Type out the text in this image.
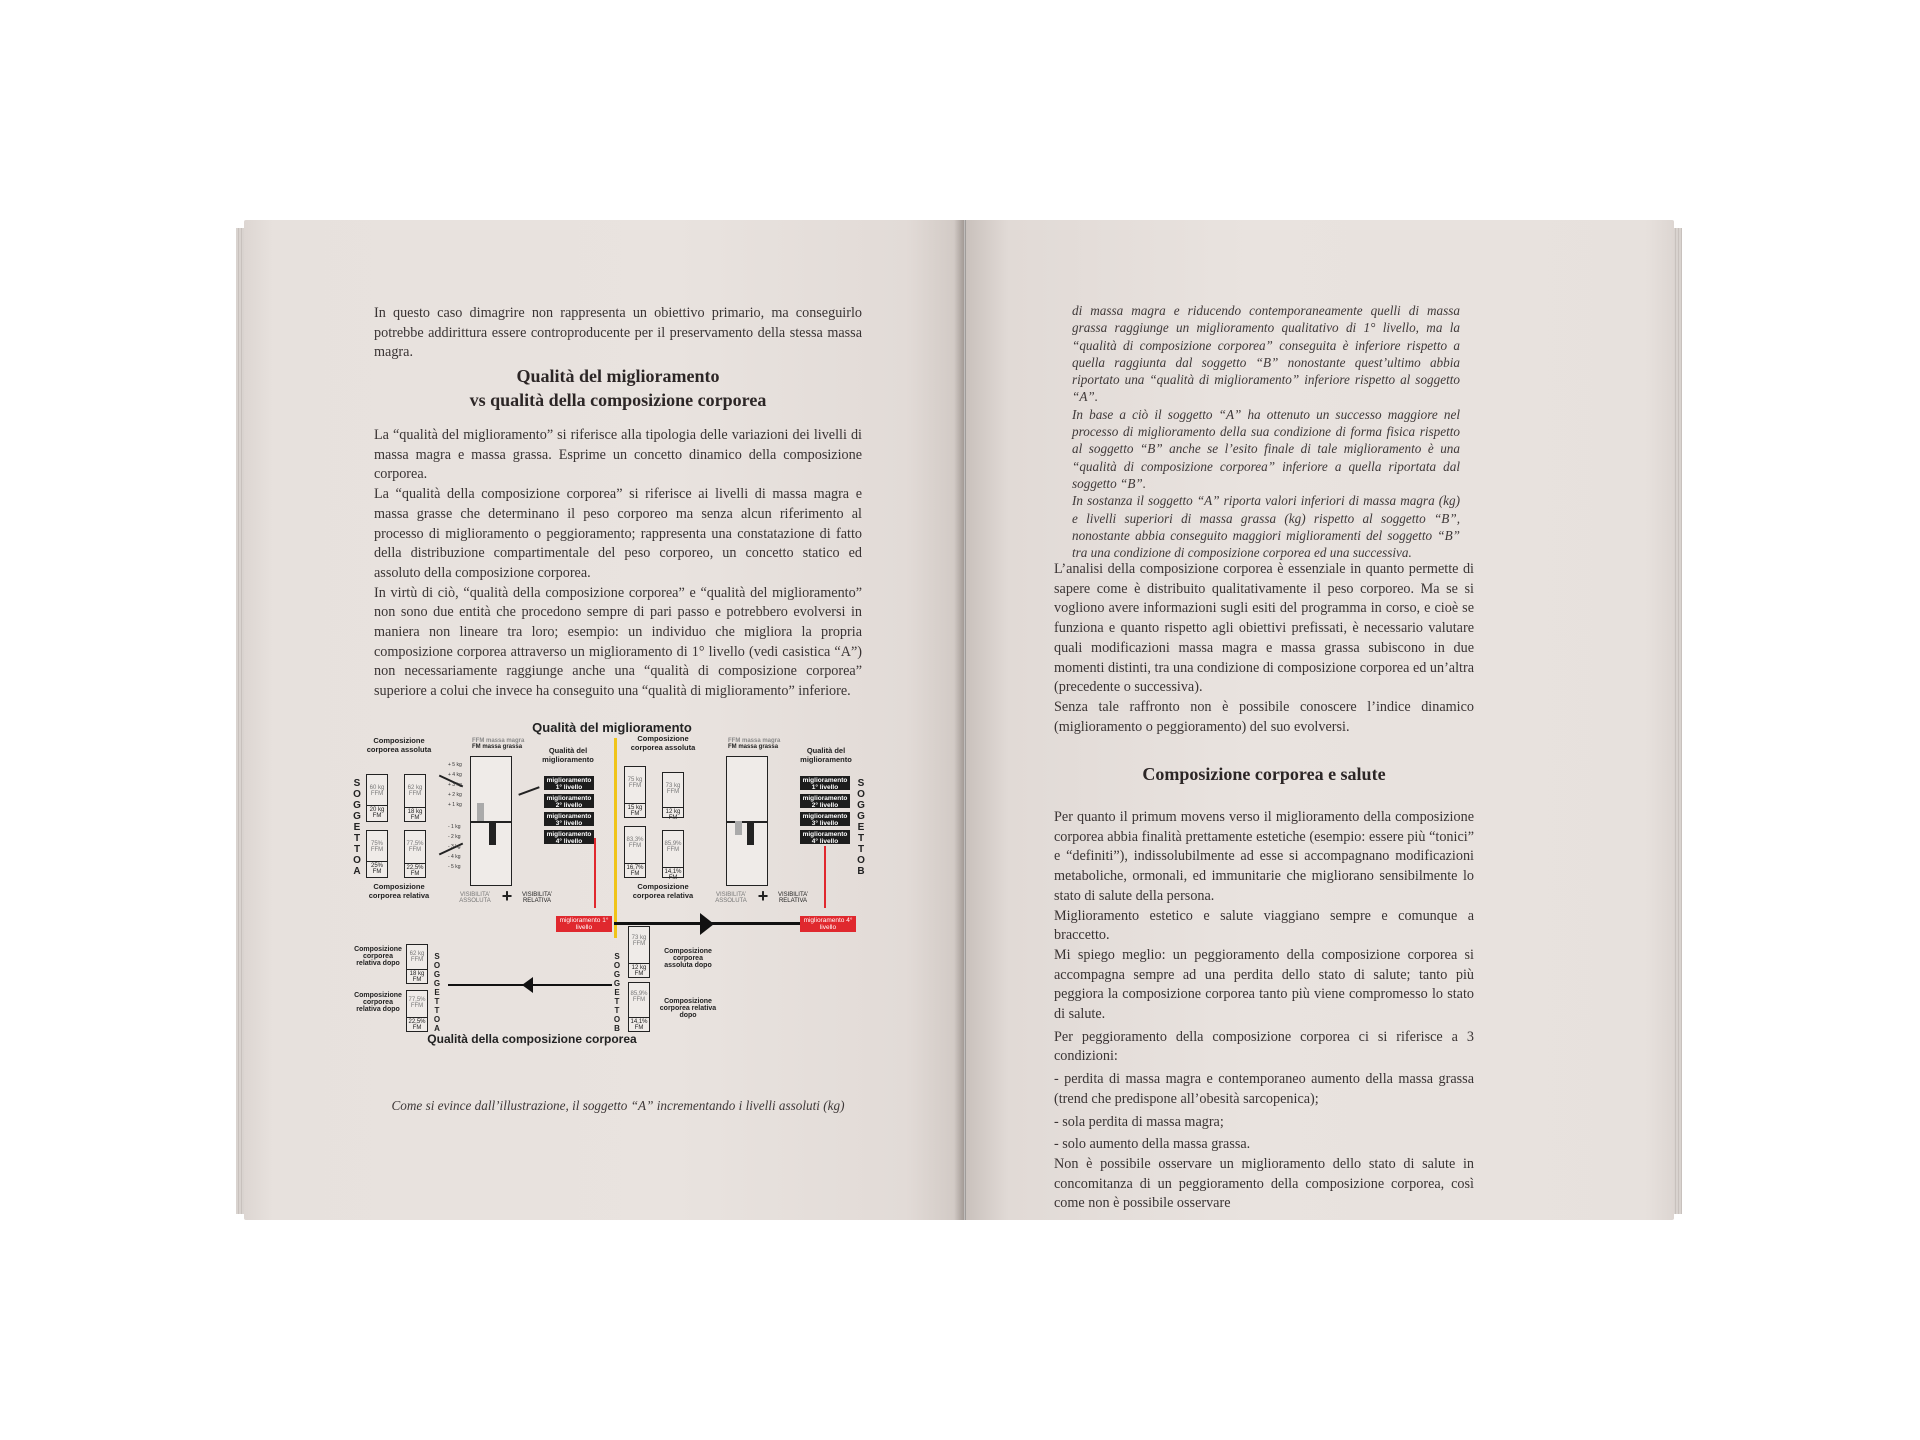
In questo caso dimagrire non rappresenta un obiettivo primario, ma conseguirlo potrebbe addirittura essere controproducente per il preservamento della stessa massa magra.

Qualità del miglioramento
vs qualità della composizione corporea

La “qualità del miglioramento” si riferisce alla tipologia delle variazioni dei livelli di massa magra e massa grassa. Esprime un concetto dinamico della composizione corporea.

La “qualità della composizione corporea” si riferisce ai livelli di massa magra e massa grasse che determinano il peso corporeo ma senza alcun riferimento al processo di miglioramento o peggioramento; rappresenta una constatazione di fatto della distribuzione compartimentale del peso corporeo, un concetto statico ed assoluto della composizione corporea.

In virtù di ciò, “qualità della composizione corporea” e “qualità del miglioramento” non sono due entità che procedono sempre di pari passo e potrebbero evolversi in maniera non lineare tra loro; esempio: un individuo che migliora la propria composizione corporea attraverso un miglioramento di 1° livello (vedi casistica “A”) non necessariamente raggiunge anche una “qualità di composizione corporea” superiore a colui che invece ha conseguito una “qualità di miglioramento” inferiore.

Qualità del miglioramento
Composizione corporea assoluta
S
O
G
G
E
T
T
O
A
60 kg FFM
20 kg FM
62 kg FFM
18 kg FM
75% FFM
25% FM
77,5% FFM
22,5% FM
Composizione corporea relativa
+ 5 kg
+ 4 kg
+ 3 kg
+ 2 kg
+ 1 kg
- 1 kg
- 2 kg
- 3 kg
- 4 kg
- 5 kg
FFM massa magra
FM massa grassa	Qualità del miglioramento
miglioramento 1° livello
miglioramento 2° livello
miglioramento 3° livello
miglioramento 4° livello
VISIBILITA’ ASSOLUTA +	VISIBILITA’ RELATIVA
miglioramento 1° livello
Composizione corporea assoluta
75 kg FFM
15 kg FM
73 kg FFM
12 kg FM
83,3% FFM
16,7% FM
85,9% FFM
14,1% FM
Composizione corporea relativa
FFM massa magra
FM massa grassa	Qualità del miglioramento
miglioramento 1° livello
miglioramento 2° livello
miglioramento 3° livello
miglioramento 4° livello
S
O
G
G
E
T
T
O
B
VISIBILITA’ ASSOLUTA +	VISIBILITA’ RELATIVA
miglioramento 4° livello
Composizione corporea relativa dopo
Composizione corporea relativa dopo
62 kg FFM
18 kg FM
77,5% FFM
22,5% FM
S
O
G
G
E
T
T
O
A
S
O
G
G
E
T
T
O
B
73 kg FFM
12 kg FM
85,9% FFM
14,1% FM
Composizione corporea assoluta dopo
Composizione corporea relativa dopo
Qualità della composizione corporea
Come si evince dall’illustrazione, il soggetto “A” incrementando i livelli assoluti (kg)

di massa magra e riducendo contemporaneamente quelli di massa grassa raggiunge un miglioramento qualitativo di 1° livello, ma la “qualità di composizione corporea” conseguita è inferiore rispetto a quella raggiunta dal soggetto “B” nonostante quest’ultimo abbia riportato una “qualità di miglioramento” inferiore rispetto al soggetto “A”.

In base a ciò il soggetto “A” ha ottenuto un successo maggiore nel processo di miglioramento della sua condizione di forma fisica rispetto al soggetto “B” anche se l’esito finale di tale miglioramento è una “qualità di composizione corporea” inferiore a quella riportata dal soggetto “B”.

In sostanza il soggetto “A” riporta valori inferiori di massa magra (kg) e livelli superiori di massa grassa (kg) rispetto al soggetto “B”, nonostante abbia conseguito maggiori miglioramenti del soggetto “B” tra una condizione di composizione corporea ed una successiva.

L’analisi della composizione corporea è essenziale in quanto permette di sapere come è distribuito qualitativamente il peso corporeo. Ma se si vogliono avere informazioni sugli esiti del programma in corso, e cioè se funziona e quanto rispetto agli obiettivi prefissati, è necessario valutare quali modificazioni massa magra e massa grassa subiscono in due momenti distinti, tra una condizione di composizione corporea ed un’altra (precedente o successiva).

Senza tale raffronto non è possibile conoscere l’indice dinamico (miglioramento o peggioramento) del suo evolversi.

Composizione corporea e salute

Per quanto il primum movens verso il miglioramento della composizione corporea abbia finalità prettamente estetiche (esempio: essere più “tonici” e “definiti”), indissolubilmente ad esse si accompagnano modificazioni metaboliche, ormonali, ed immunitarie che migliorano sensibilmente lo stato di salute della persona.

Miglioramento estetico e salute viaggiano sempre e comunque a braccetto.

Mi spiego meglio: un peggioramento della composizione corporea si accompagna sempre ad una perdita dello stato di salute; tanto più peggiora la composizione corporea tanto più viene compromesso lo stato di salute.

Per peggioramento della composizione corporea ci si riferisce a 3 condizioni:

- perdita di massa magra e contemporaneo aumento della massa grassa (trend che predispone all’obesità sarcopenica);

- sola perdita di massa magra;

- solo aumento della massa grassa.

Non è possibile osservare un miglioramento dello stato di salute in concomitanza di un peggioramento della composizione corporea, così come non è possibile osservare
